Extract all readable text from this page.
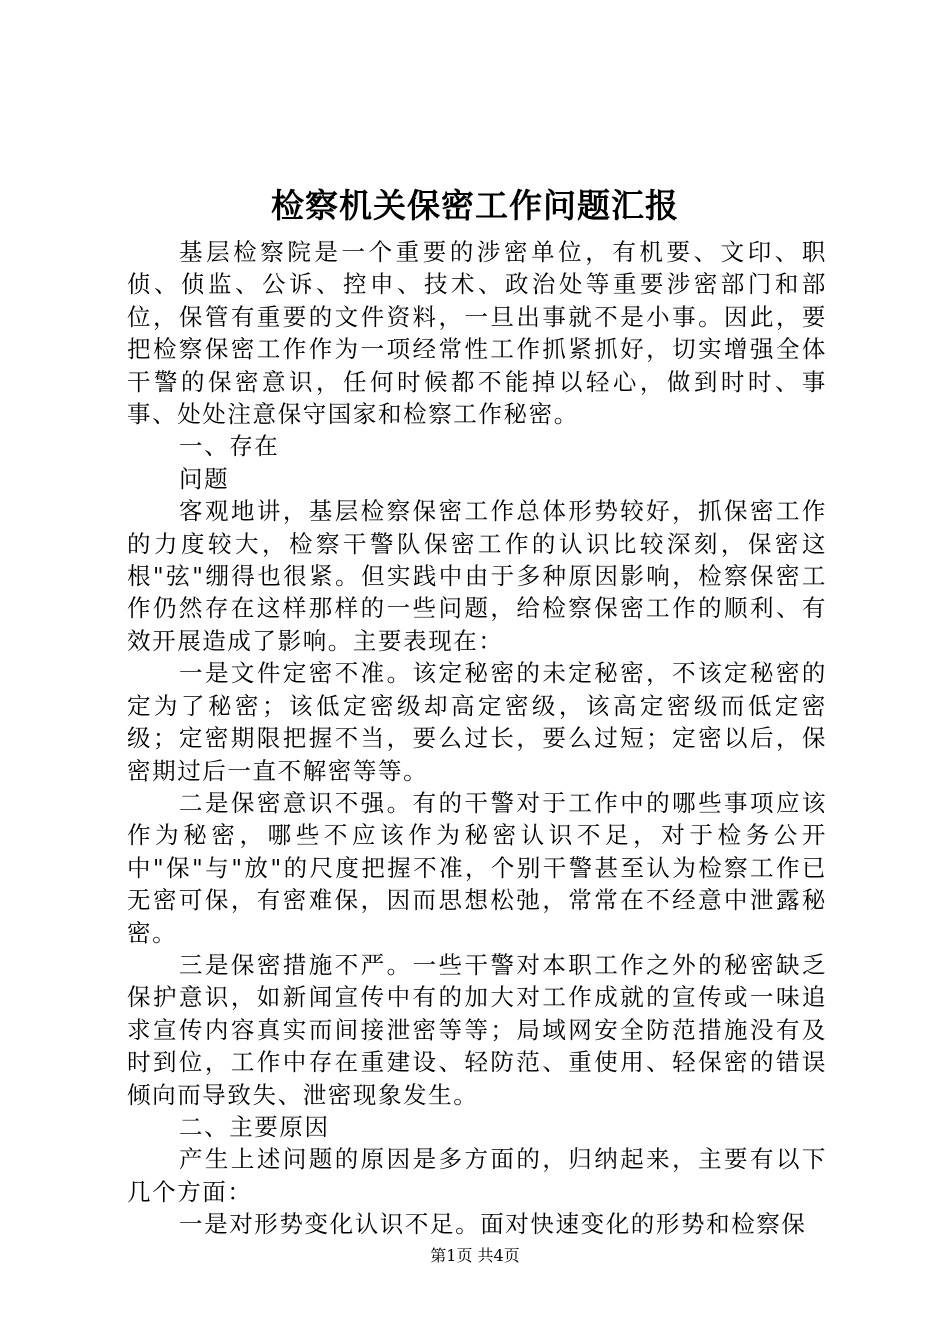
检察机关保密工作问题汇报

基层检察院是一个重要的涉密单位，有机要、文印、职侦、侦监、公诉、控申、技术、政治处等重要涉密部门和部位，保管有重要的文件资料，一旦出事就不是小事。因此，要把检察保密工作作为一项经常性工作抓紧抓好，切实增强全体干警的保密意识，任何时候都不能掉以轻心，做到时时、事事、处处注意保守国家和检察工作秘密。

一、存在

问题

客观地讲，基层检察保密工作总体形势较好，抓保密工作的力度较大，检察干警队保密工作的认识比较深刻，保密这根"弦"绷得也很紧。但实践中由于多种原因影响，检察保密工作仍然存在这样那样的一些问题，给检察保密工作的顺利、有效开展造成了影响。主要表现在：

一是文件定密不准。该定秘密的未定秘密，不该定秘密的定为了秘密；该低定密级却高定密级，该高定密级而低定密级；定密期限把握不当，要么过长，要么过短；定密以后，保密期过后一直不解密等等。

二是保密意识不强。有的干警对于工作中的哪些事项应该作为秘密，哪些不应该作为秘密认识不足，对于检务公开中"保"与"放"的尺度把握不准，个别干警甚至认为检察工作已无密可保，有密难保，因而思想松弛，常常在不经意中泄露秘密。

三是保密措施不严。一些干警对本职工作之外的秘密缺乏保护意识，如新闻宣传中有的加大对工作成就的宣传或一味追求宣传内容真实而间接泄密等等；局域网安全防范措施没有及时到位，工作中存在重建设、轻防范、重使用、轻保密的错误倾向而导致失、泄密现象发生。

二、主要原因

产生上述问题的原因是多方面的，归纳起来，主要有以下几个方面：

一是对形势变化认识不足。面对快速变化的形势和检察保

第1页 共4页
